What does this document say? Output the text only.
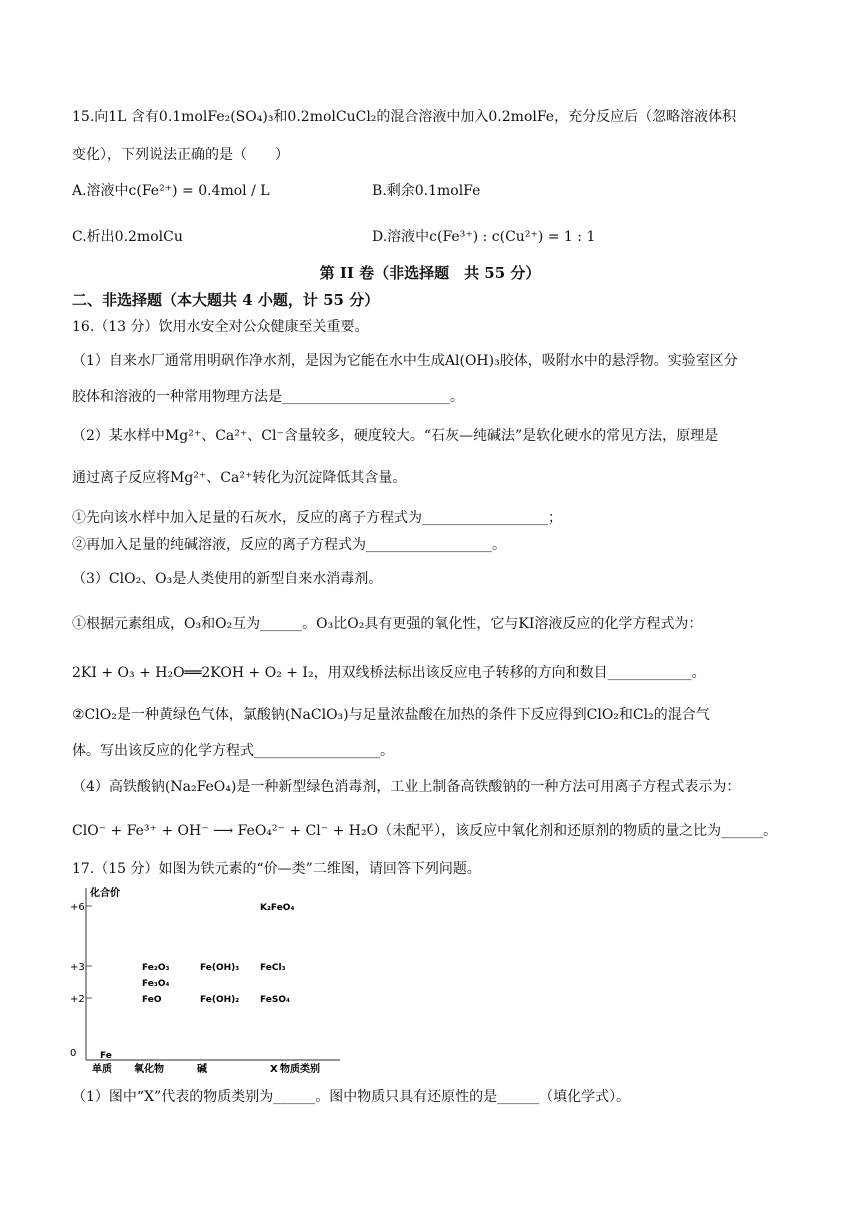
15.向1L 含有0.1molFe₂(SO₄)₃和0.2molCuCl₂的混合溶液中加入0.2molFe，充分反应后（忽略溶液体积
变化），下列说法正确的是（　　）
A.溶液中c(Fe²⁺) = 0.4mol / L	B.剩余0.1molFe
C.析出0.2molCu	D.溶液中c(Fe³⁺) : c(Cu²⁺) = 1 : 1
第 II 卷（非选择题　共 55 分）
二、非选择题（本大题共 4 小题，计 55 分）
16.（13 分）饮用水安全对公众健康至关重要。
（1）自来水厂通常用明矾作净水剂，是因为它能在水中生成Al(OH)₃胶体，吸附水中的悬浮物。实验室区分
胶体和溶液的一种常用物理方法是________________________。
（2）某水样中Mg²⁺、Ca²⁺、Cl⁻含量较多，硬度较大。“石灰—纯碱法”是软化硬水的常见方法，原理是
通过离子反应将Mg²⁺、Ca²⁺转化为沉淀降低其含量。
①先向该水样中加入足量的石灰水，反应的离子方程式为__________________；
②再加入足量的纯碱溶液，反应的离子方程式为__________________。
（3）ClO₂、O₃是人类使用的新型自来水消毒剂。
①根据元素组成，O₃和O₂互为______。O₃比O₂具有更强的氧化性，它与KI溶液反应的化学方程式为：
2KI + O₃ + H₂O══2KOH + O₂ + I₂，用双线桥法标出该反应电子转移的方向和数目____________。
②ClO₂是一种黄绿色气体，氯酸钠(NaClO₃)与足量浓盐酸在加热的条件下反应得到ClO₂和Cl₂的混合气
体。写出该反应的化学方程式__________________。
（4）高铁酸钠(Na₂FeO₄)是一种新型绿色消毒剂，工业上制备高铁酸钠的一种方法可用离子方程式表示为：
ClO⁻ + Fe³⁺ + OH⁻ ⟶ FeO₄²⁻ + Cl⁻ + H₂O（未配平），该反应中氧化剂和还原剂的物质的量之比为______。
17.（15 分）如图为铁元素的“价—类”二维图，请回答下列问题。
化合价
物质类别
+6
+3
+2
0
单质 氧化物	碱	X
Fe
Fe₂O₃
Fe₃O₄
FeO
Fe(OH)₃
Fe(OH)₂
K₂FeO₄
FeCl₃
FeSO₄
（1）图中“X”代表的物质类别为______。图中物质只具有还原性的是______（填化学式）。
